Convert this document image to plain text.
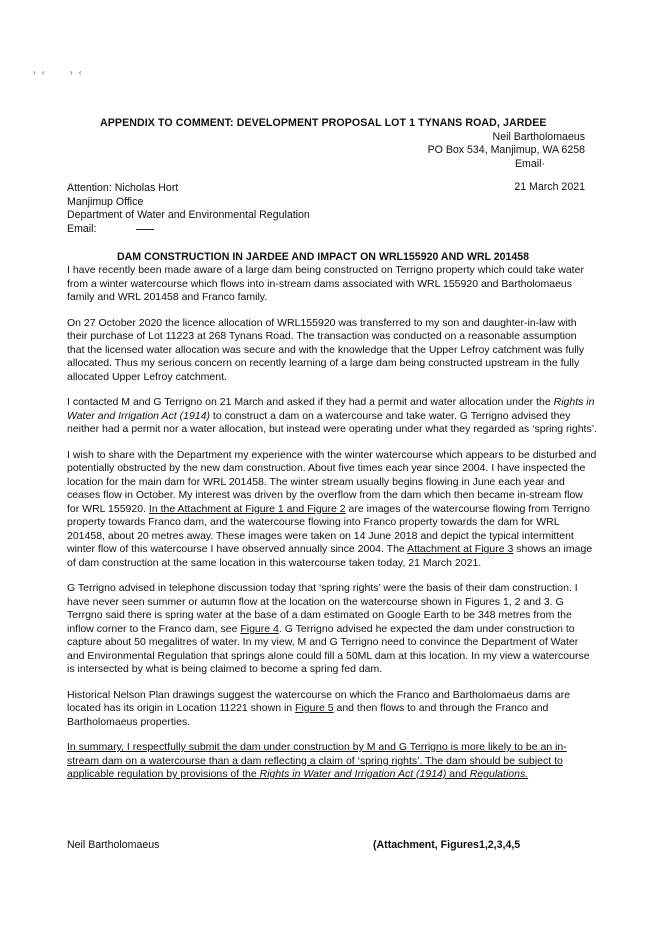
› ‹	› ‹
APPENDIX TO COMMENT: DEVELOPMENT PROPOSAL LOT 1 TYNANS ROAD, JARDEE
Neil Bartholomaeus
PO Box 534, Manjimup, WA 6258
Email·
21 March 2021
Attention: Nicholas Hort
Manjimup Office
Department of Water and Environmental Regulation
Email:
DAM CONSTRUCTION IN JARDEE AND IMPACT ON WRL155920 AND WRL 201458

I have recently been made aware of a large dam being constructed on Terrigno property which could take water from a winter watercourse which flows into in-stream dams associated with WRL 155920 and Bartholomaeus family and WRL 201458 and Franco family.

On 27 October 2020 the licence allocation of WRL155920 was transferred to my son and daughter-in-law with their purchase of Lot 11223 at 268 Tynans Road. The transaction was conducted on a reasonable assumption that the licensed water allocation was secure and with the knowledge that the Upper Lefroy catchment was fully allocated. Thus my serious concern on recently learning of a large dam being constructed upstream in the fully allocated Upper Lefroy catchment.

I contacted M and G Terrigno on 21 March and asked if they had a permit and water allocation under the Rights in Water and Irrigation Act (1914) to construct a dam on a watercourse and take water. G Terrigno advised they neither had a permit nor a water allocation, but instead were operating under what they regarded as ‘spring rights’.

I wish to share with the Department my experience with the winter watercourse which appears to be disturbed and potentially obstructed by the new dam construction. About five times each year since 2004. I have inspected the location for the main dam for WRL 201458. The winter stream usually begins flowing in June each year and ceases flow in October. My interest was driven by the overflow from the dam which then became in-stream flow for WRL 155920. In the Attachment at Figure 1 and Figure 2 are images of the watercourse flowing from Terrigno property towards Franco dam, and the watercourse flowing into Franco property towards the dam for WRL 201458, about 20 metres away. These images were taken on 14 June 2018 and depict the typical intermittent winter flow of this watercourse I have observed annually since 2004. The Attachment at Figure 3 shows an image of dam construction at the same location in this watercourse taken today, 21 March 2021.

G Terrigno advised in telephone discussion today that ‘spring rights’ were the basis of their dam construction. I have never seen summer or autumn flow at the location on the watercourse shown in Figures 1, 2 and 3. G Terrgno said there is spring water at the base of a dam estimated on Google Earth to be 348 metres from the inflow corner to the Franco dam, see Figure 4. G Terrigno advised he expected the dam under construction to capture about 50 megalitres of water. In my view, M and G Terrigno need to convince the Department of Water and Environmental Regulation that springs alone could fill a 50ML dam at this location. In my view a watercourse is intersected by what is being claimed to become a spring fed dam.

Historical Nelson Plan drawings suggest the watercourse on which the Franco and Bartholomaeus dams are located has its origin in Location 11221 shown in Figure 5 and then flows to and through the Franco and Bartholomaeus properties.

In summary, I respectfully submit the dam under construction by M and G Terrigno is more likely to be an in-stream dam on a watercourse than a dam reflecting a claim of ‘spring rights’. The dam should be subject to applicable regulation by provisions of the Rights in Water and Irrigation Act (1914) and Regulations.

Neil Bartholomaeus	(Attachment, Figures1,2,3,4,5
